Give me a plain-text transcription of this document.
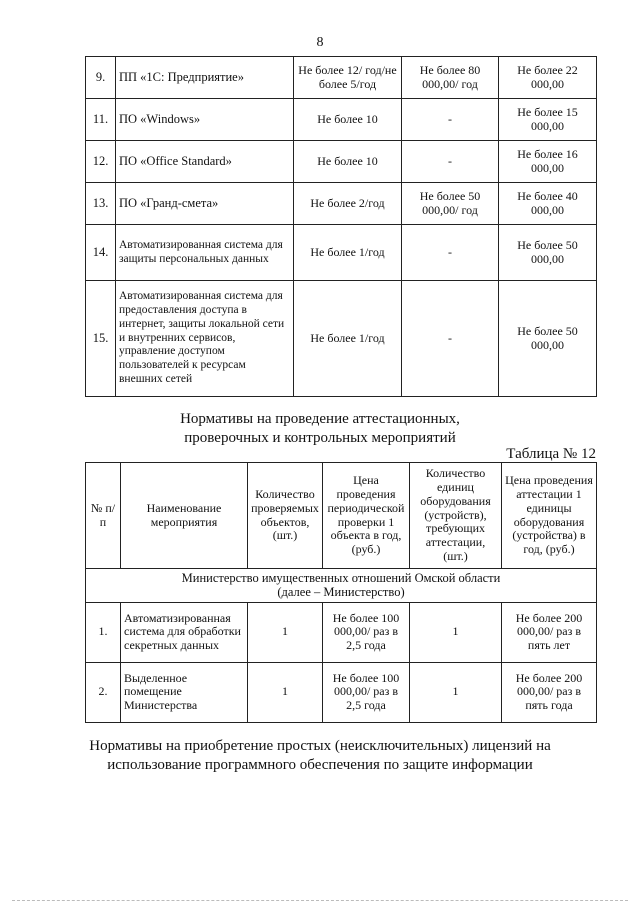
8
9.	ПП «1С: Предприятие»	Не более 12/ год/не более 5/год	Не более 80 000,00/ год	Не более 22 000,00
11.	ПО «Windows»	Не более 10	-	Не более 15 000,00
12.	ПО «Office Standard»	Не более 10	-	Не более 16 000,00
13.	ПО «Гранд-смета»	Не более 2/год	Не более 50 000,00/ год	Не более 40 000,00
14.	Автоматизированная система для защиты персональных данных	Не более 1/год	-	Не более 50 000,00
15.	Автоматизированная система для предоставления доступа в интернет, защиты локальной сети и внутренних сервисов, управление доступом пользователей к ресурсам внешних сетей	Не более 1/год	-	Не более 50 000,00
Нормативы на проведение аттестационных,
проверочных и контрольных мероприятий
Таблица № 12
№ п/п	Наименование мероприятия	Количество проверяемых объектов, (шт.)	Цена проведения периодической проверки 1 объекта в год, (руб.)	Количество единиц оборудования (устройств), требующих аттестации, (шт.)	Цена проведения аттестации 1 единицы оборудования (устройства) в год, (руб.)

Министерство имущественных отношений Омской области
(далее – Министерство)					

1.	Автоматизированная система для обработки секретных данных	1	Не более 100 000,00/ раз в 2,5 года	1	Не более 200 000,00/ раз в пять лет
2.	Выделенное помещение Министерства	1	Не более 100 000,00/ раз в 2,5 года	1	Не более 200 000,00/ раз в пять года
Нормативы на приобретение простых (неисключительных) лицензий на
использование программного обеспечения по защите информации
